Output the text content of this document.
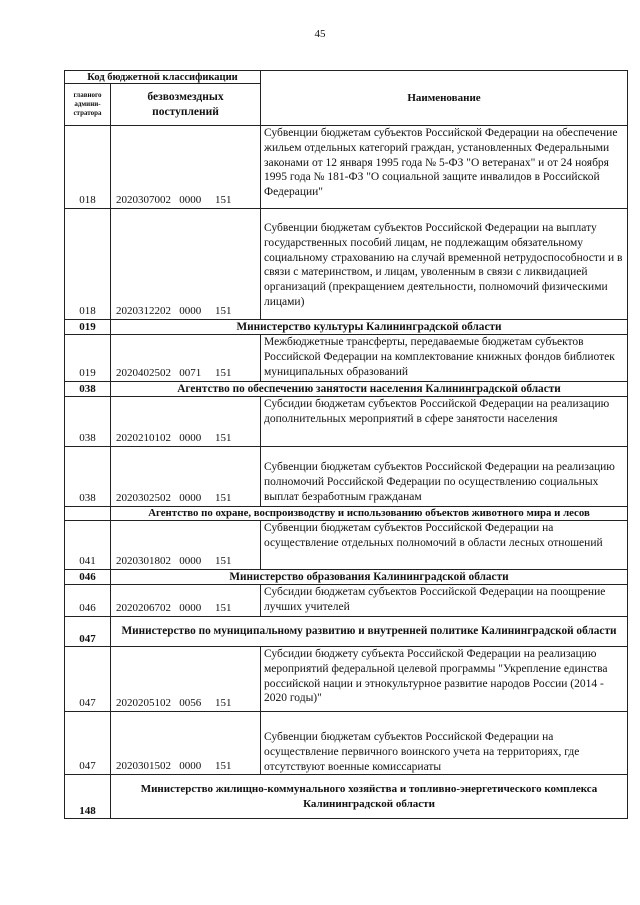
45
Код бюджетной классификации		Наименование
главного админи-стратора	безвозмездных поступлений	
018	2020307002   0000     151	Субвенции бюджетам субъектов Российской Федерации на обеспечение жильем отдельных категорий граждан, установленных Федеральными законами от 12 января 1995 года № 5-ФЗ "О ветеранах" и от 24 ноября 1995 года № 181-ФЗ "О социальной защите инвалидов в Российской Федерации"
018	2020312202   0000     151	Субвенции бюджетам субъектов Российской Федерации на выплату государственных пособий лицам, не подлежащим обязательному социальному страхованию на случай временной нетрудоспособности и в связи с материнством, и лицам, уволенным в связи с ликвидацией организаций (прекращением деятельности, полномочий физическими лицами)
019	Министерство культуры Калининградской области	
019	2020402502   0071     151	Межбюджетные трансферты, передаваемые бюджетам субъектов Российской Федерации на комплектование книжных фондов библиотек муниципальных образований
038	Агентство по обеспечению занятости населения Калининградской области	
038	2020210102   0000     151	Субсидии бюджетам субъектов Российской Федерации на реализацию дополнительных мероприятий в сфере занятости населения
038	2020302502   0000     151	Субвенции бюджетам субъектов Российской Федерации на реализацию полномочий Российской Федерации по осуществлению социальных выплат безработным гражданам
	Агентство по охране, воспроизводству и использованию объектов животного мира и лесов	
041	2020301802   0000     151	Субвенции бюджетам субъектов Российской Федерации на осуществление отдельных полномочий в области лесных отношений
046	Министерство образования Калининградской области	
046	2020206702   0000     151	Субсидии бюджетам субъектов Российской Федерации на поощрение лучших учителей
047	Министерство по муниципальному развитию и внутренней политике Калининградской области	
047	2020205102   0056     151	Субсидии бюджету субъекта Российской Федерации на реализацию мероприятий федеральной целевой программы "Укрепление единства российской нации и этнокультурное развитие народов России (2014 - 2020 годы)"
047	2020301502   0000     151	Субвенции бюджетам субъектов Российской Федерации на осуществление первичного воинского учета на территориях, где отсутствуют военные комиссариаты
148	Министерство жилищно-коммунального хозяйства и топливно-энергетического комплекса Калининградской области	
